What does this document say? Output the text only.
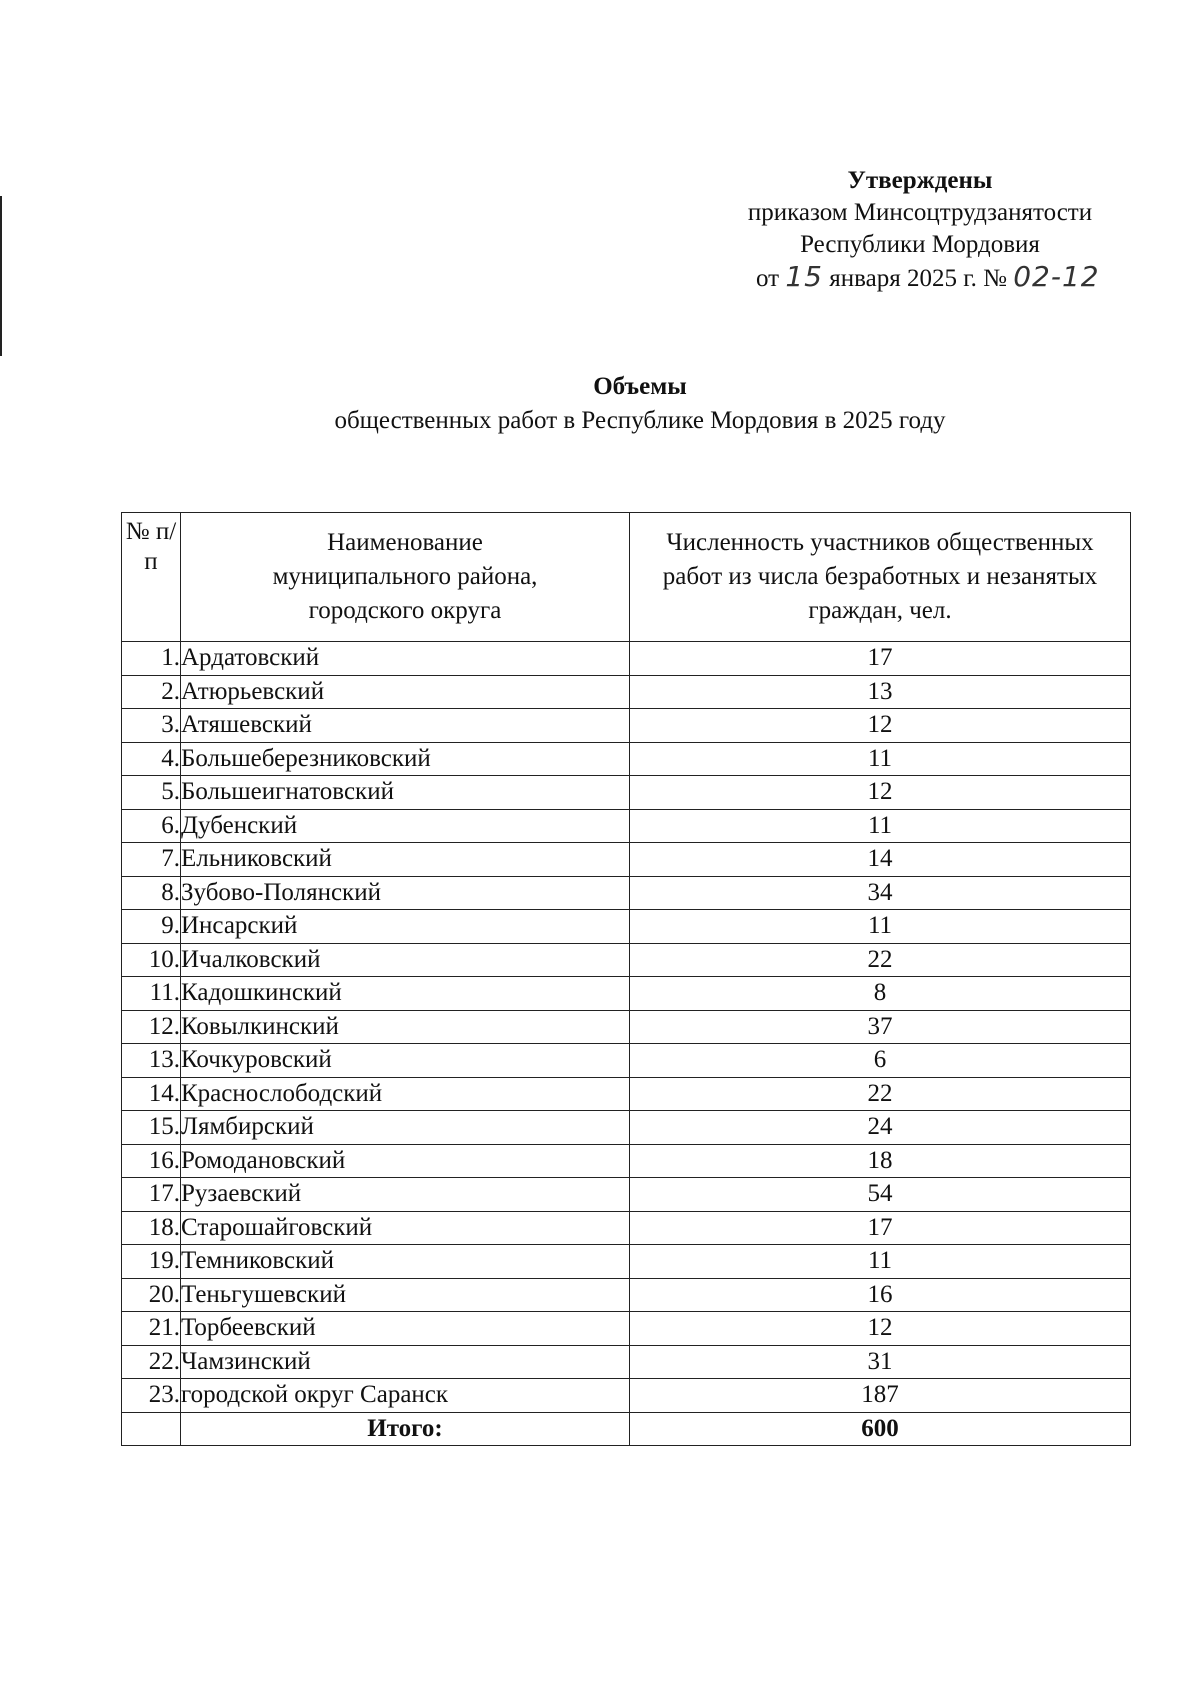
Утверждены
приказом Минсоцтрудзанятости
Республики Мордовия
от 15 января 2025 г. № 02-12
Объемы
общественных работ в Республике Мордовия в 2025 году
№ п/п	Наименование муниципального района, городского округа	Численность участников общественных работ из числа безработных и незанятых граждан, чел.

1.	Ардатовский	17
2.	Атюрьевский	13
3.	Атяшевский	12
4.	Большеберезниковский	11
5.	Большеигнатовский	12
6.	Дубенский	11
7.	Ельниковский	14
8.	Зубово-Полянский	34
9.	Инсарский	11
10.	Ичалковский	22
11.	Кадошкинский	8
12.	Ковылкинский	37
13.	Кочкуровский	6
14.	Краснослободский	22
15.	Лямбирский	24
16.	Ромодановский	18
17.	Рузаевский	54
18.	Старошайговский	17
19.	Темниковский	11
20.	Теньгушевский	16
21.	Торбеевский	12
22.	Чамзинский	31
23.	городской округ Саранск	187
	Итого:	600
